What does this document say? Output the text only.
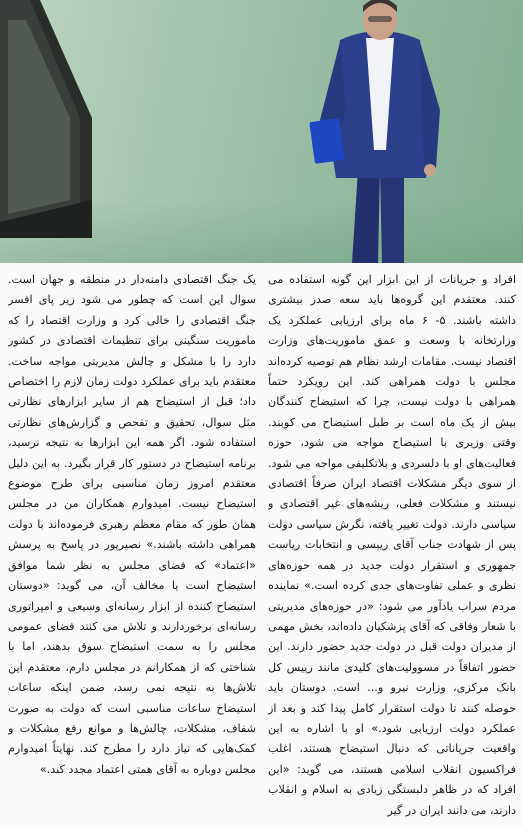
افراد و جریانات از این ابزار این گونه استفاده می کنند. معتقدم این گروه‌ها باید سعه صدر بیشتری داشته باشند. ۵- ۶ ماه برای ارزیابی عملکرد یک وزارتخانه با وسعت و عمق ماموریت‌های وزارت اقتصاد نیست. مقامات ارشد نظام هم توصیه کرده‌اند مجلس با دولت همراهی کند. این رویکرد حتماً همراهی با دولت نیست، چرا که استیضاح کنندگان بیش از یک ماه است بر طبل استیضاح می کوبند. وقتی وزیری با استیضاح مواجه می شود، حوزه فعالیت‌های او با دلسردی و بلاتکلیفی مواجه می شود. از سوی دیگر مشکلات اقتصاد ایران صرفاً اقتصادی نیستند و مشکلات فعلی، ریشه‌های غیر اقتصادی و سیاسی دارند. دولت تغییر یافته، نگرش سیاسی دولت پس از شهادت جناب آقای رییسی و انتخابات ریاست جمهوری و استقرار دولت جدید در همه حوزه‌های نظری و عملی تفاوت‌های جدی کرده است.» نماینده مردم سراب یادآور می شود: «در حوزه‌های مدیریتی با شعار وفاقی که آقای پزشکیان داده‌اند، بخش مهمی از مدیران دولت قبل در دولت جدید حضور دارند. این حضور اتفاقاً در مسوولیت‌های کلیدی مانند رییس کل بانک مرکزی، وزارت نیرو و... است. دوستان باید حوصله کنند تا دولت استقرار کامل پیدا کند و بعد از عملکرد دولت ارزیابی شود.» او با اشاره به این واقعیت جریاناتی که دنبال استیضاح هستند، اغلب فراکسیون انقلاب اسلامی هستند، می گوید: «این افراد که در ظاهر دلبستگی زیادی به اسلام و انقلاب دارند، می دانند ایران در گیر

یک جنگ اقتصادی دامنه‌دار در منطقه و جهان است. سوال این است که چطور می شود زیر پای افسر جنگ اقتصادی را خالی کرد و وزارت اقتصاد را که ماموریت سنگینی برای تنظیمات اقتصادی در کشور دارد را با مشکل و چالش مدیریتی مواجه ساخت. معتقدم باید برای عملکرد دولت زمان لازم را اختصاص داد؛ قبل از استیضاح هم از سایر ابزارهای نظارتی مثل سوال، تحقیق و تفحص و گزارش‌های نظارتی استفاده شود. اگر همه این ابزارها به نتیجه نرسید، برنامه استیضاح در دستور کار قرار بگیرد. به این دلیل معتقدم امروز زمان مناسبی برای طرح موضوع استیضاح نیست. امیدوارم همکاران من در مجلس همان طور که مقام معظم رهبری فرموده‌اند با دولت همراهی داشته باشند.» نصیرپور در پاسخ به پرسش «اعتماد» که فضای مجلس به نظر شما موافق استیضاح است یا مخالف آن، می گوید: «دوستان استیضاح کننده از ابزار رسانه‌ای وسیعی و امپراتوری رسانه‌ای برخوردارند و تلاش می کنند فضای عمومی مجلس را به سمت استیضاح سوق بدهند، اما با شناختی که از همکارانم در مجلس دارم، معتقدم این تلاش‌ها به نتیجه نمی رسد، ضمن اینکه ساعات استیضاح ساعات مناسبی است که دولت به صورت شفاف، مشکلات، چالش‌ها و موانع رفع مشکلات و کمک‌هایی که نیاز دارد را مطرح کند. نهایتاً امیدوارم مجلس دوباره به آقای همتی اعتماد مجدد کند.»
